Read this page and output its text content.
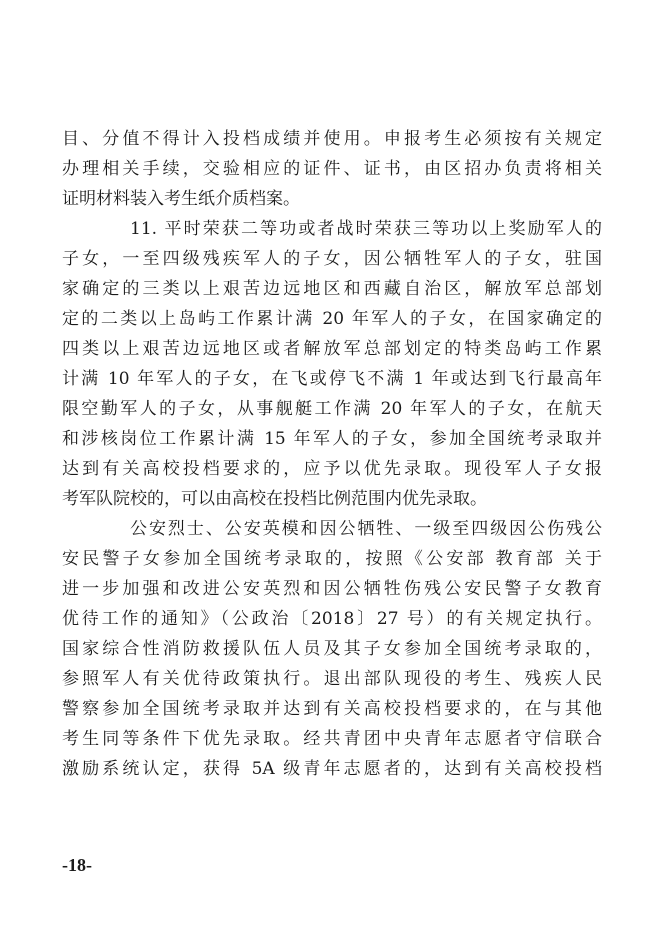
目、分值不得计入投档成绩并使用。申报考生必须按有关规定
办理相关手续，交验相应的证件、证书，由区招办负责将相关
证明材料装入考生纸介质档案。
11. 平时荣获二等功或者战时荣获三等功以上奖励军人的
子女，一至四级残疾军人的子女，因公牺牲军人的子女，驻国
家确定的三类以上艰苦边远地区和西藏自治区，解放军总部划
定的二类以上岛屿工作累计满 20 年军人的子女，在国家确定的
四类以上艰苦边远地区或者解放军总部划定的特类岛屿工作累
计满 10 年军人的子女，在飞或停飞不满 1 年或达到飞行最高年
限空勤军人的子女，从事舰艇工作满 20 年军人的子女，在航天
和涉核岗位工作累计满 15 年军人的子女，参加全国统考录取并
达到有关高校投档要求的，应予以优先录取。现役军人子女报
考军队院校的，可以由高校在投档比例范围内优先录取。
公安烈士、公安英模和因公牺牲、一级至四级因公伤残公
安民警子女参加全国统考录取的，按照《公安部 教育部 关于
进一步加强和改进公安英烈和因公牺牲伤残公安民警子女教育
优待工作的通知》（公政治〔2018〕27 号）的有关规定执行。
国家综合性消防救援队伍人员及其子女参加全国统考录取的，
参照军人有关优待政策执行。退出部队现役的考生、残疾人民
警察参加全国统考录取并达到有关高校投档要求的，在与其他
考生同等条件下优先录取。经共青团中央青年志愿者守信联合
激励系统认定，获得 5A 级青年志愿者的，达到有关高校投档
-18-
